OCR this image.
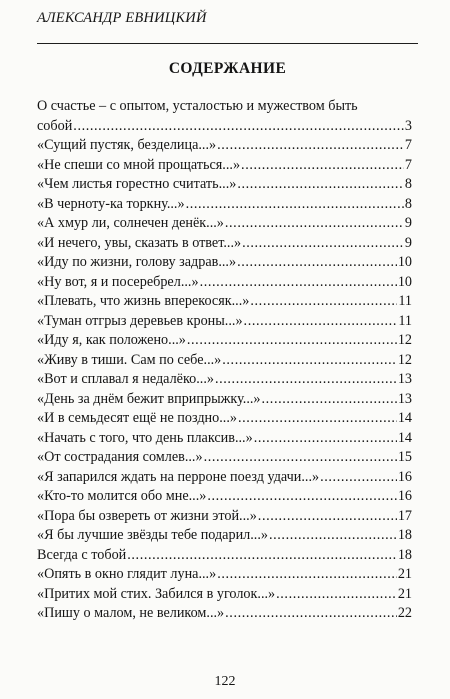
АЛЕКСАНДР ЕВНИЦКИЙ
СОДЕРЖАНИЕ
О счастье – с опытом, усталостью и мужеством быть
собой .....	3
«Сущий пустяк, безделица...» .....	7
«Не спеши со мной прощаться...» .....	7
«Чем листья горестно считать...» .....	8
«В черноту-ка торкну...» .....	8
«А хмур ли, солнечен денёк...» .....	9
«И нечего, увы, сказать в ответ...» .....	9
«Иду по жизни, голову задрав...» .....	10
«Ну вот, я и посеребрел...» .....	10
«Плевать, что жизнь вперекосяк...» .....	11
«Туман отгрыз деревьев кроны...» .....	11
«Иду я, как положено...» .....	12
«Живу в тиши. Сам по себе...» .....	12
«Вот и сплавал я недалёко...» .....	13
«День за днём бежит вприпрыжку...» .....	13
«И в семьдесят ещё не поздно...» .....	14
«Начать с того, что день плаксив...» .....	14
«От сострадания сомлев...» .....	15
«Я запарился ждать на перроне поезд удачи...» .....	16
«Кто-то молится обо мне...» .....	16
«Пора бы озвереть от жизни этой...» .....	17
«Я бы лучшие звёзды тебе подарил...» .....	18
Всегда с тобой .....	18
«Опять в окно глядит луна...» .....	21
«Притих мой стих. Забился в уголок...» .....	21
«Пишу о малом, не великом...» .....	22
122
